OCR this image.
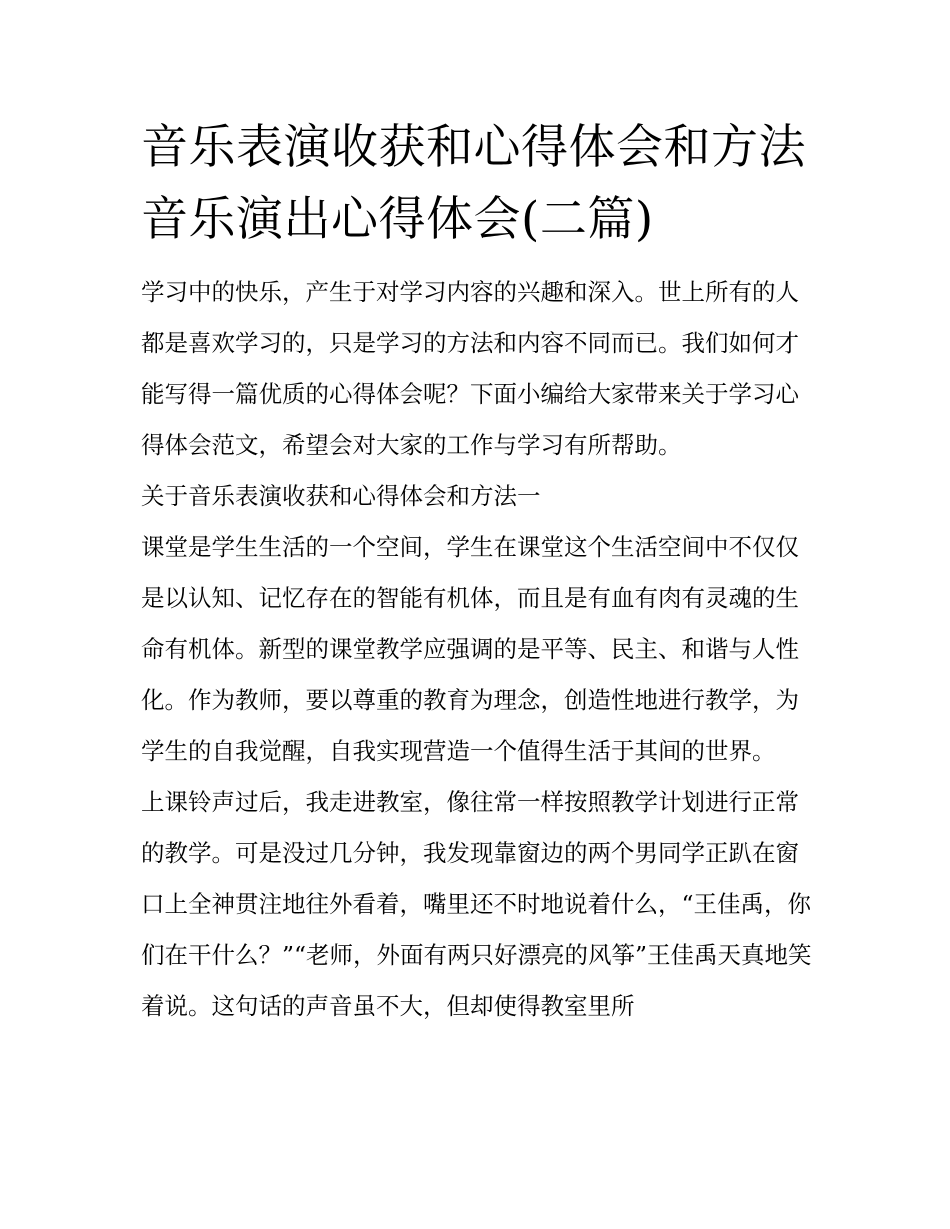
音乐表演收获和心得体会和方法 音乐演出心得体会(二篇)

学习中的快乐，产生于对学习内容的兴趣和深入。世上所有的人都是喜欢学习的，只是学习的方法和内容不同而已。我们如何才能写得一篇优质的心得体会呢？下面小编给大家带来关于学习心得体会范文，希望会对大家的工作与学习有所帮助。

关于音乐表演收获和心得体会和方法一

课堂是学生生活的一个空间，学生在课堂这个生活空间中不仅仅是以认知、记忆存在的智能有机体，而且是有血有肉有灵魂的生命有机体。新型的课堂教学应强调的是平等、民主、和谐与人性化。作为教师，要以尊重的教育为理念，创造性地进行教学，为学生的自我觉醒，自我实现营造一个值得生活于其间的世界。

上课铃声过后，我走进教室，像往常一样按照教学计划进行正常的教学。可是没过几分钟，我发现靠窗边的两个男同学正趴在窗口上全神贯注地往外看着，嘴里还不时地说着什么，“王佳禹，你们在干什么？”“老师，外面有两只好漂亮的风筝”王佳禹天真地笑着说。这句话的声音虽不大，但却使得教室里所
